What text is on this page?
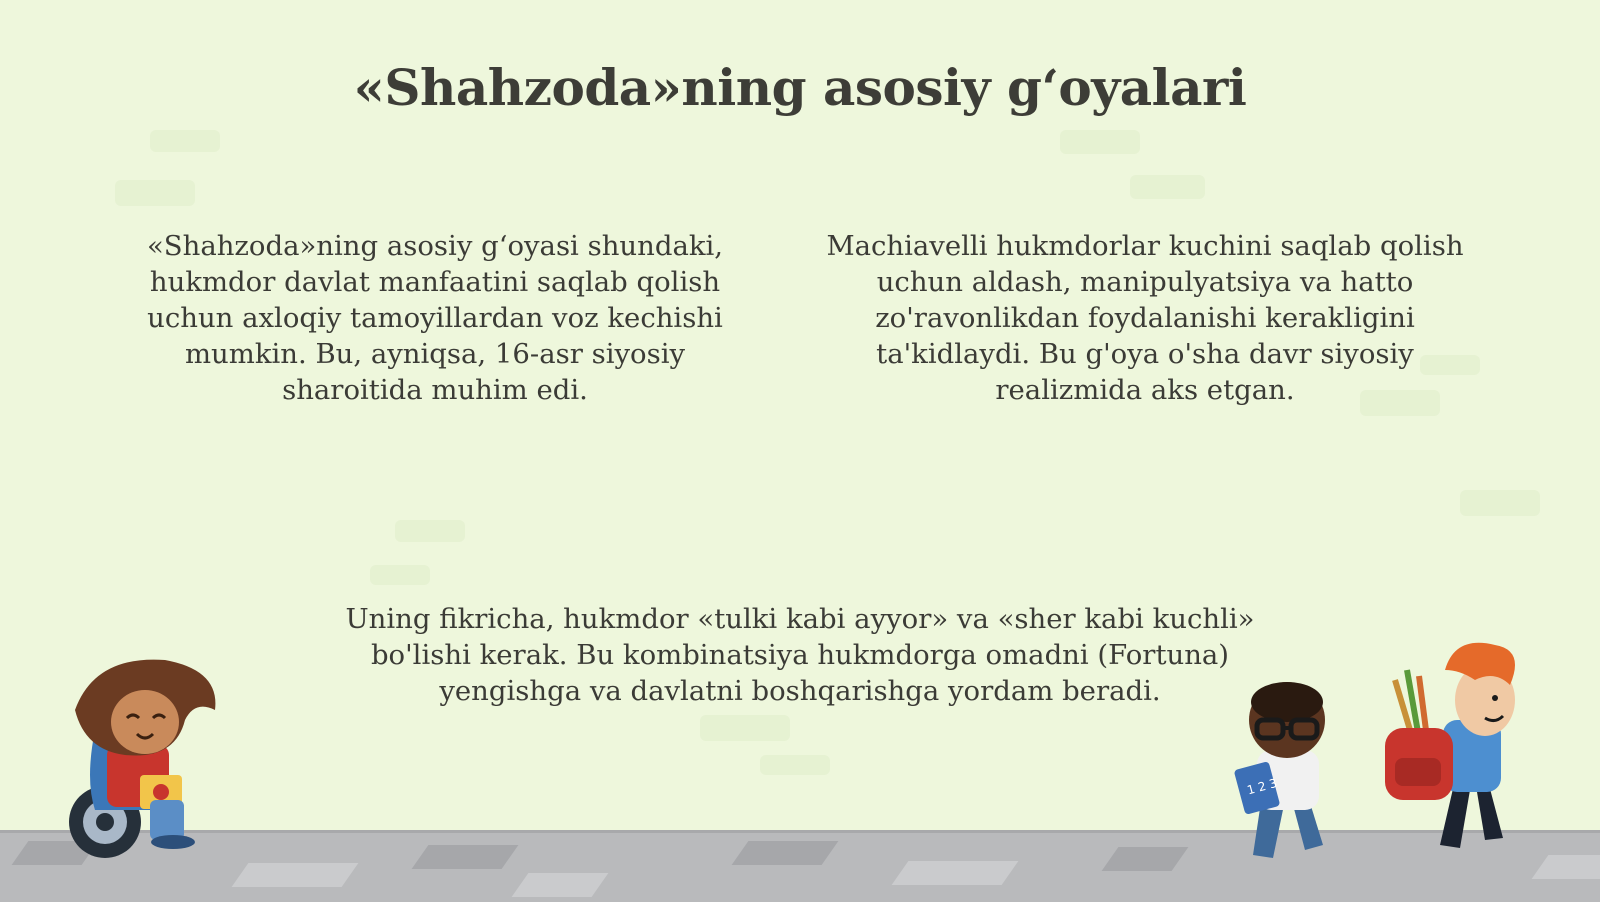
«Shahzoda»ning asosiy g‘oyalari

«Shahzoda»ning asosiy g‘oyasi shundaki, hukmdor davlat manfaatini saqlab qolish uchun axloqiy tamoyillardan voz kechishi mumkin. Bu, ayniqsa, 16-asr siyosiy sharoitida muhim edi.

Machiavelli hukmdorlar kuchini saqlab qolish uchun aldash, manipulyatsiya va hatto zo'ravonlikdan foydalanishi kerakligini ta'kidlaydi. Bu g'oya o'sha davr siyosiy realizmida aks etgan.

Uning fikricha, hukmdor «tulki kabi ayyor» va «sher kabi kuchli» bo'lishi kerak. Bu kombinatsiya hukmdorga omadni (Fortuna) yengishga va davlatni boshqarishga yordam beradi.

1 2 3
